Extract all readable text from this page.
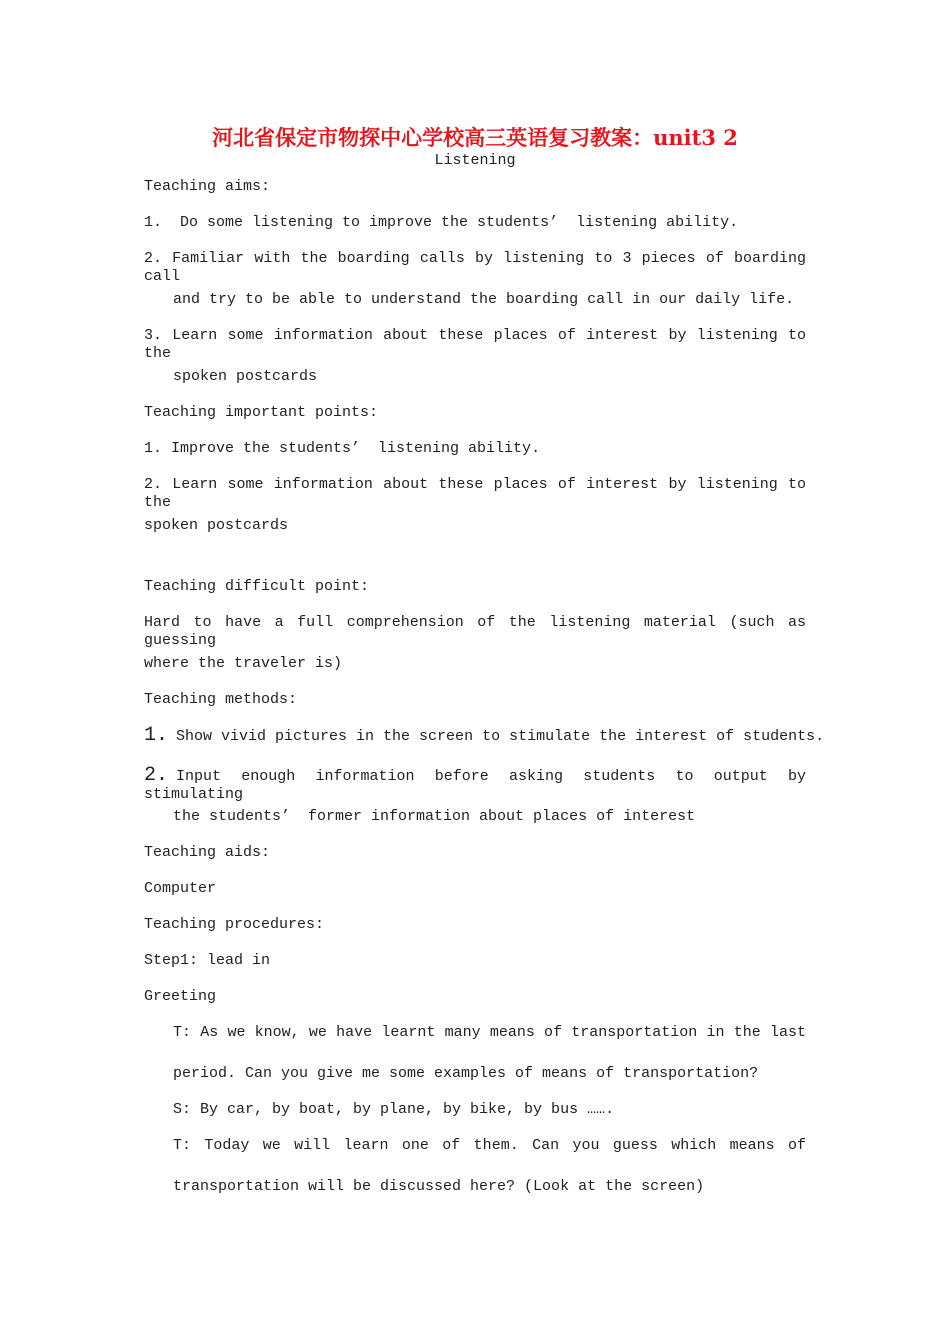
河北省保定市物探中心学校高三英语复习教案：unit3 2
Listening
Teaching aims:
1.  Do some listening to improve the students’  listening ability.
2. Familiar with the boarding calls by listening to 3 pieces of boarding call
and try to be able to understand the boarding call in our daily life.
3. Learn some information about these places of interest by listening to the
spoken postcards
Teaching important points:
1. Improve the students’  listening ability.
2. Learn some information about these places of interest by listening to the
spoken postcards
Teaching difficult point:
Hard to have a full comprehension of the listening material (such as guessing
where the traveler is)
Teaching methods:
1. Show vivid pictures in the screen to stimulate the interest of students.
2. Input enough information before asking students to output by stimulating
the students’  former information about places of interest
Teaching aids:
Computer
Teaching procedures:
Step1: lead in
Greeting
T: As we know, we have learnt many means of transportation in the last
period. Can you give me some examples of means of transportation?
S: By car, by boat, by plane, by bike, by bus …….
T: Today we will learn one of them. Can you guess which means of
transportation will be discussed here? (Look at the screen)
